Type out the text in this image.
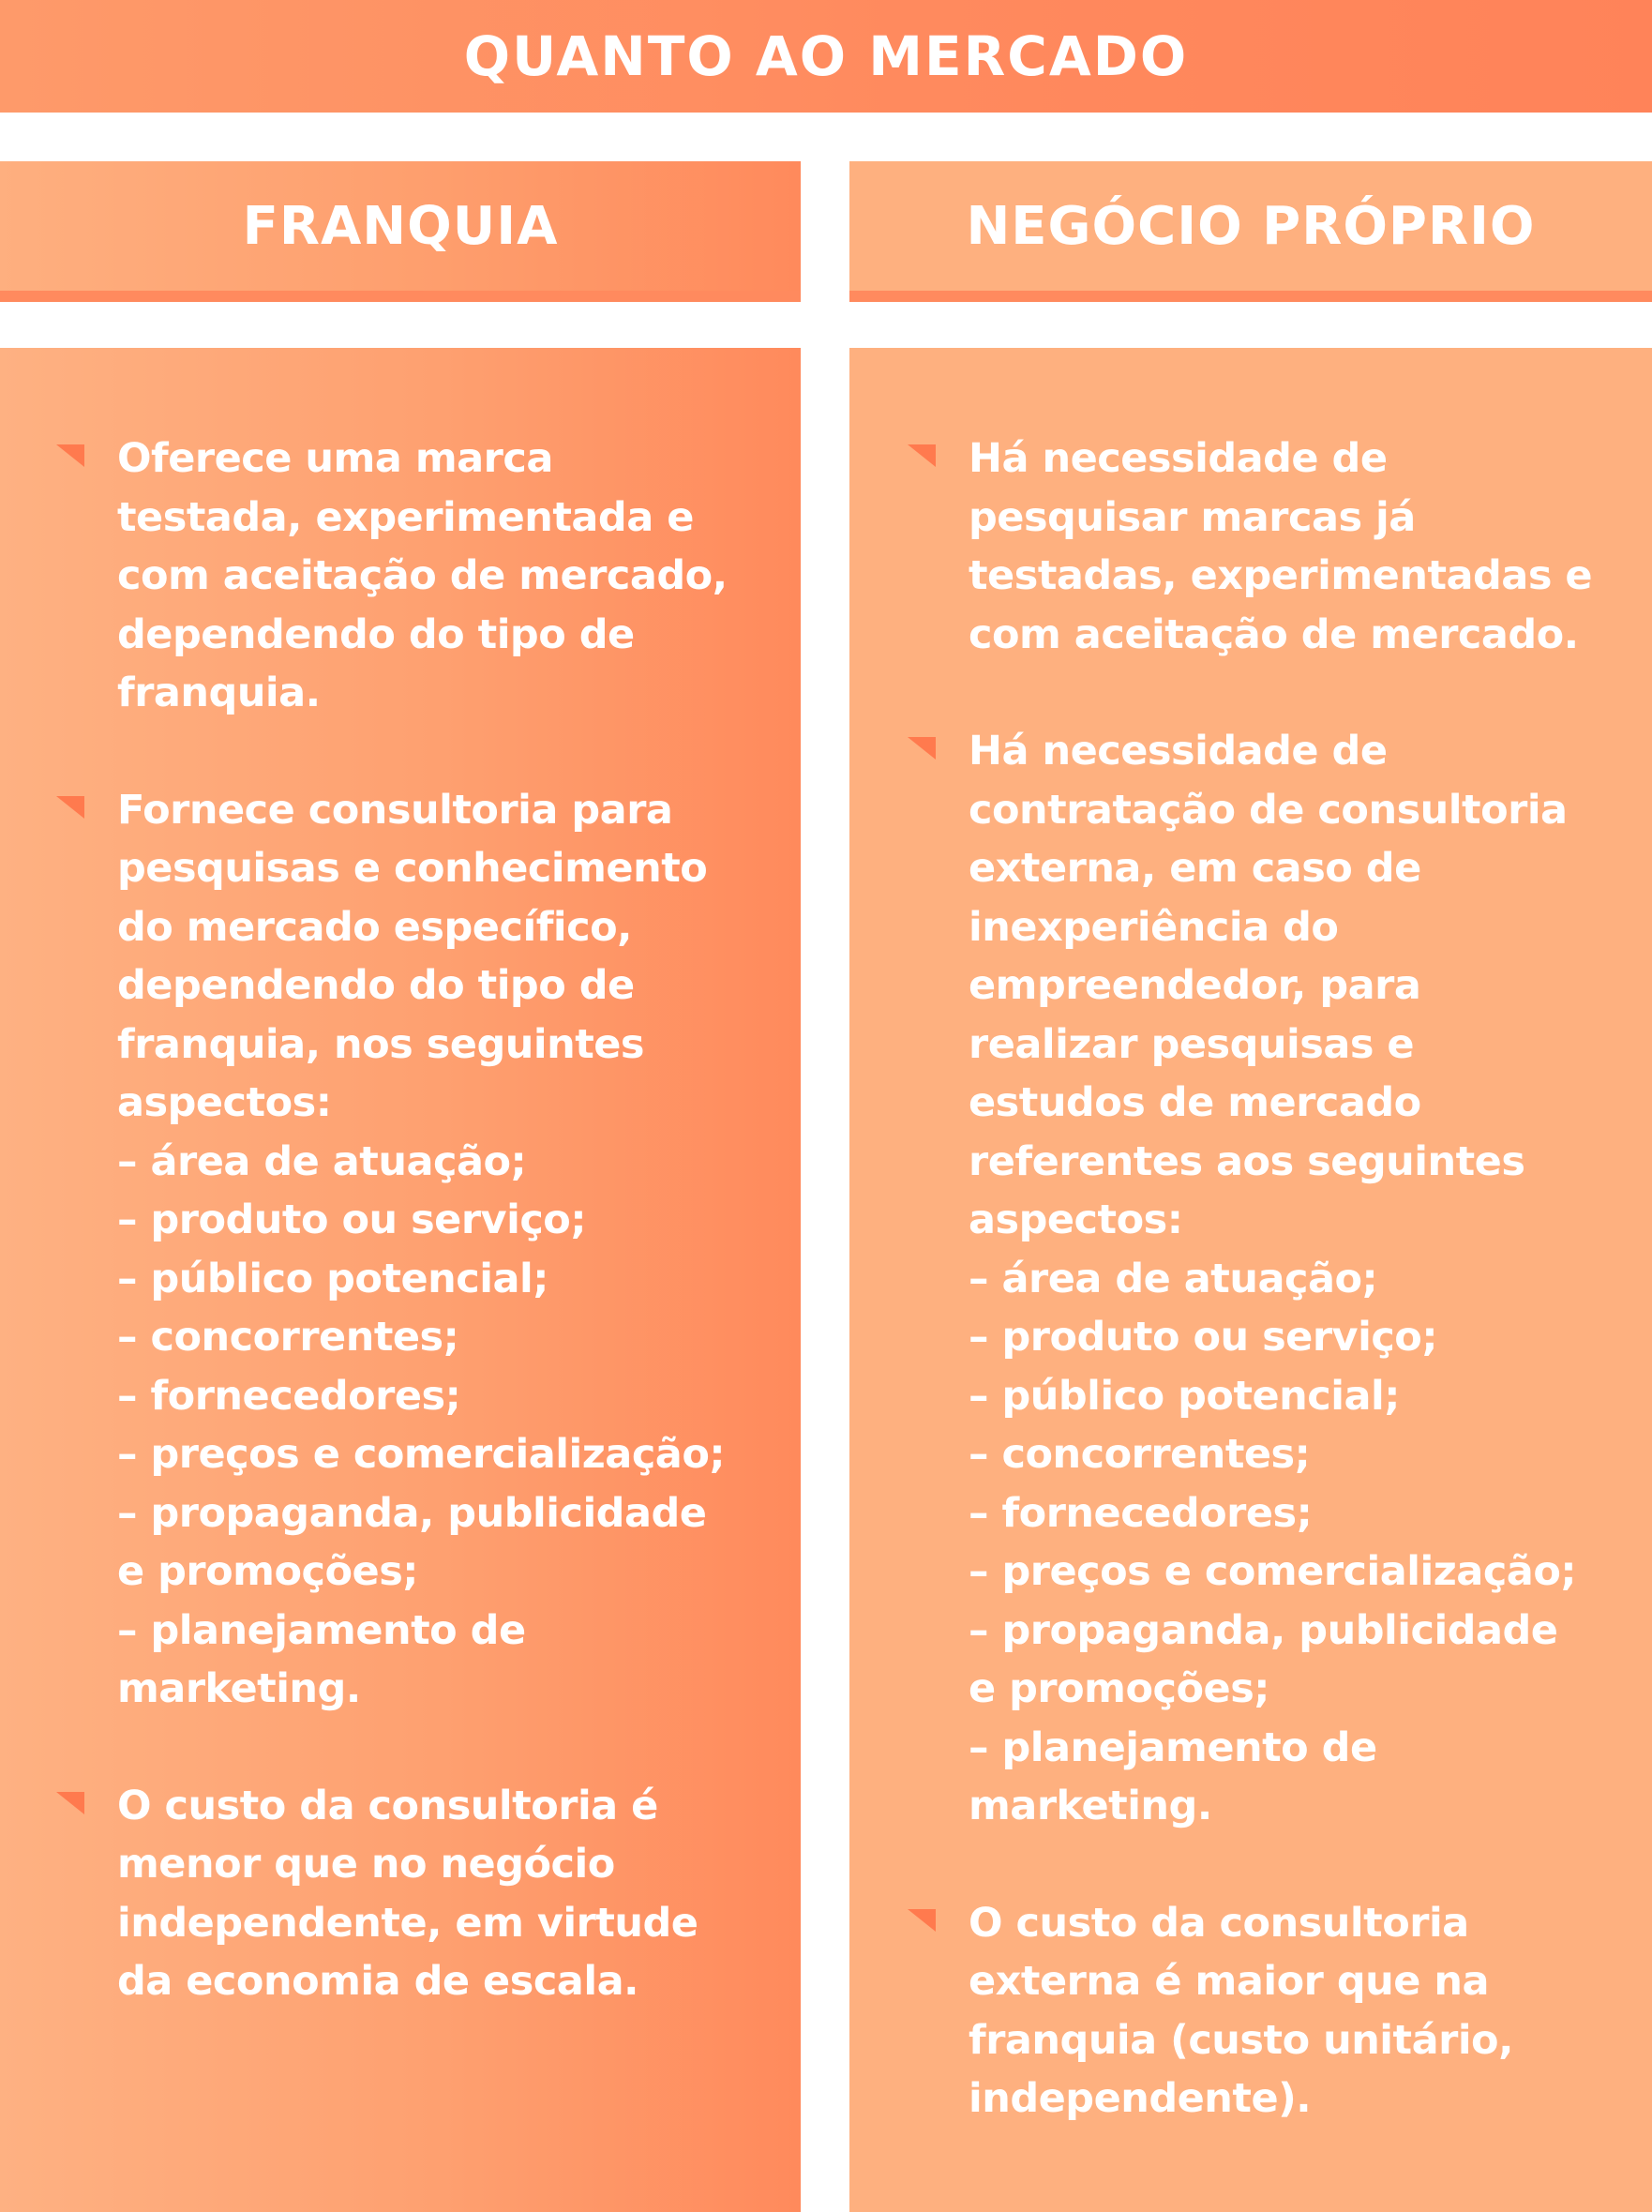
QUANTO AO MERCADO
FRANQUIA	NEGÓCIO PRÓPRIO
Oferece uma marca
testada, experimentada e
com aceitação de mercado,
dependendo do tipo de
franquia.
Fornece consultoria para
pesquisas e conhecimento
do mercado específico,
dependendo do tipo de
franquia, nos seguintes
aspectos:
– área de atuação;
– produto ou serviço;
– público potencial;
– concorrentes;
– fornecedores;
– preços e comercialização;
– propaganda, publicidade
e promoções;
– planejamento de
marketing.
O custo da consultoria é
menor que no negócio
independente, em virtude
da economia de escala.
Há necessidade de
pesquisar marcas já
testadas, experimentadas e
com aceitação de mercado.
Há necessidade de
contratação de consultoria
externa, em caso de
inexperiência do
empreendedor, para
realizar pesquisas e
estudos de mercado
referentes aos seguintes
aspectos:
– área de atuação;
– produto ou serviço;
– público potencial;
– concorrentes;
– fornecedores;
– preços e comercialização;
– propaganda, publicidade
e promoções;
– planejamento de
marketing.
O custo da consultoria
externa é maior que na
franquia (custo unitário,
independente).
